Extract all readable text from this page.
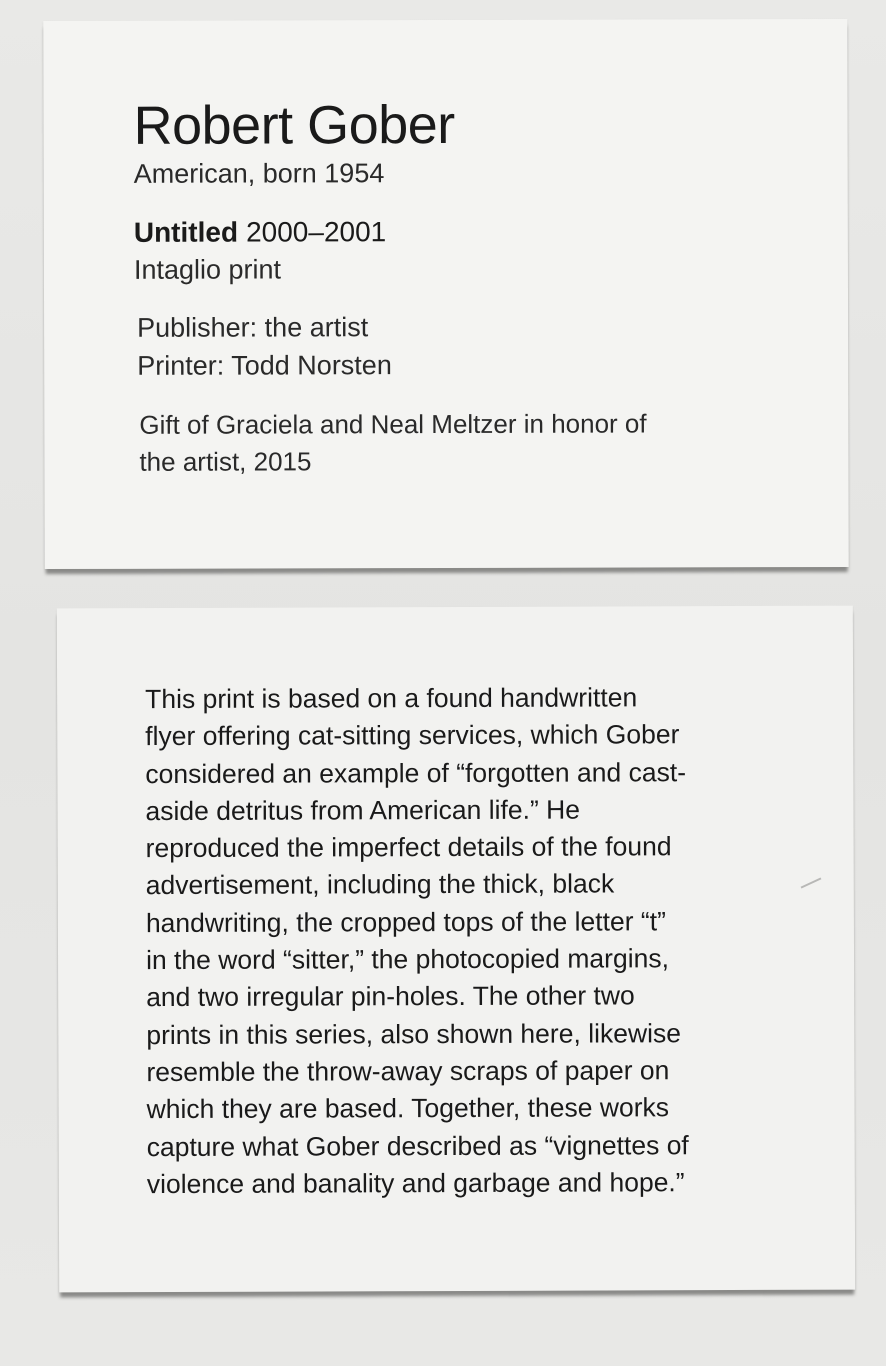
Robert Gober
American, born 1954
Untitled 2000–2001
Intaglio print
Publisher: the artist
Printer: Todd Norsten
Gift of Graciela and Neal Meltzer in honor of
the artist, 2015
This print is based on a found handwritten
flyer offering cat-sitting services, which Gober
considered an example of “forgotten and cast-
aside detritus from American life.” He
reproduced the imperfect details of the found
advertisement, including the thick, black
handwriting, the cropped tops of the letter “t”
in the word “sitter,” the photocopied margins,
and two irregular pin-holes. The other two
prints in this series, also shown here, likewise
resemble the throw-away scraps of paper on
which they are based. Together, these works
capture what Gober described as “vignettes of
violence and banality and garbage and hope.”
